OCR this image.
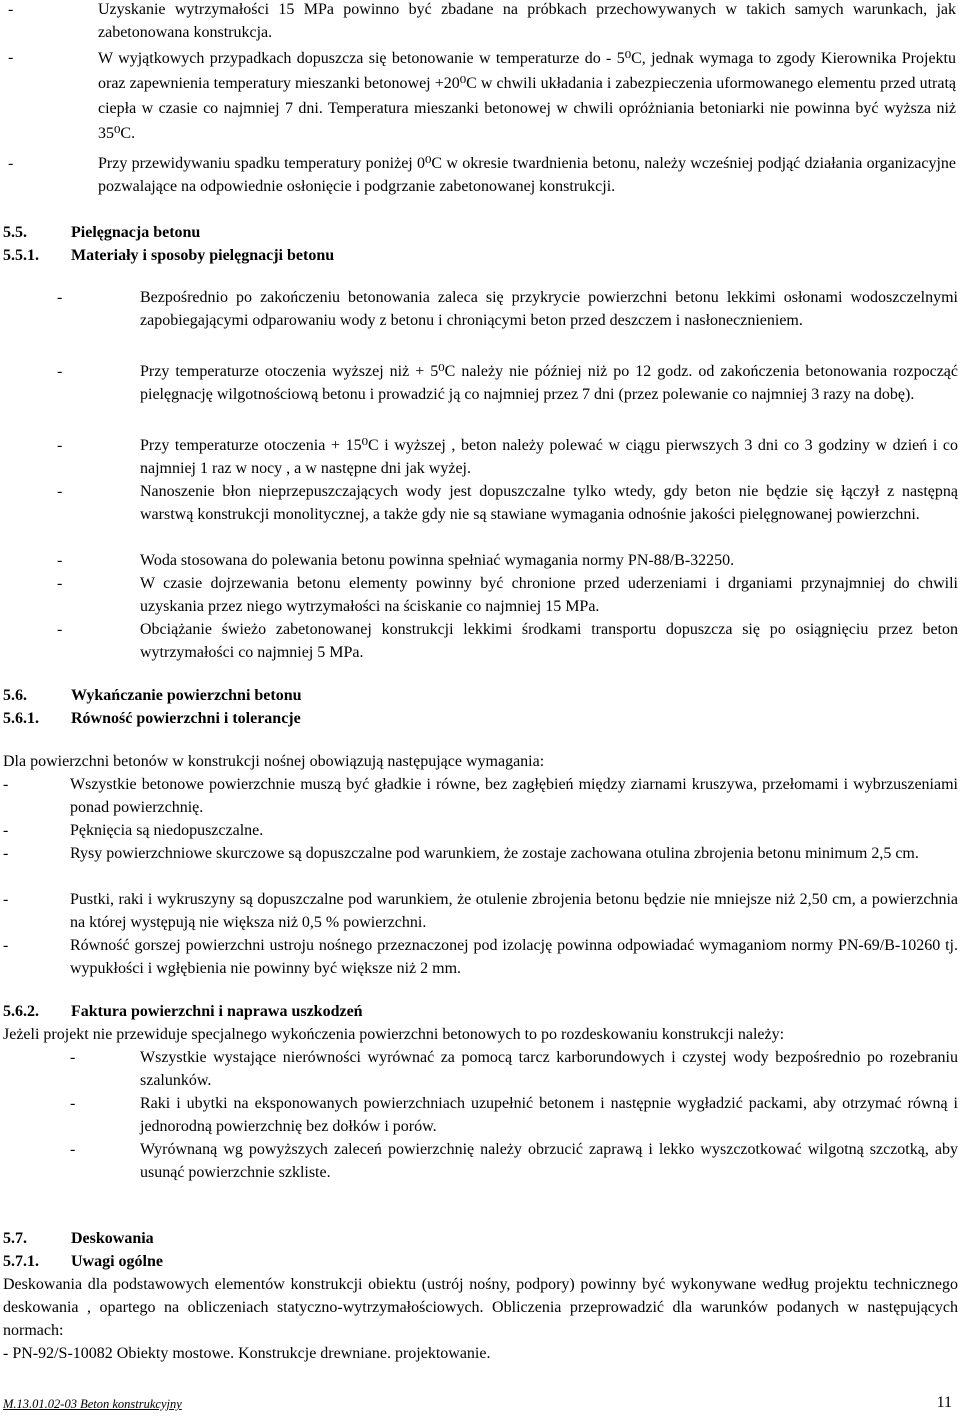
-	Uzyskanie wytrzymałości 15 MPa powinno być zbadane na próbkach przechowywanych w takich samych warunkach, jak zabetonowana konstrukcja.
-	W wyjątkowych przypadkach dopuszcza się betonowanie w temperaturze do - 5⁰C, jednak wymaga to zgody Kierownika Projektu oraz zapewnienia temperatury mieszanki betonowej +20⁰C w chwili układania i zabezpieczenia uformowanego elementu przed utratą ciepła w czasie co najmniej 7 dni. Temperatura mieszanki betonowej w chwili opróżniania betoniarki nie powinna być wyższa niż 35⁰C.
-	Przy przewidywaniu spadku temperatury poniżej 0⁰C w okresie twardnienia betonu, należy wcześniej podjąć działania organizacyjne pozwalające na odpowiednie osłonięcie i podgrzanie zabetonowanej konstrukcji.
5.5.	Pielęgnacja betonu
5.5.1. Materiały i sposoby pielęgnacji betonu
-	Bezpośrednio po zakończeniu betonowania zaleca się przykrycie powierzchni betonu lekkimi osłonami wodoszczelnymi zapobiegającymi odparowaniu wody z betonu i chroniącymi beton przed deszczem i nasłonecznieniem.
-	Przy temperaturze otoczenia wyższej niż + 5⁰C należy nie później niż po 12 godz. od zakończenia betonowania rozpocząć pielęgnację wilgotnościową betonu i prowadzić ją co najmniej przez 7 dni (przez polewanie co najmniej 3 razy na dobę).
-	Przy temperaturze otoczenia + 15⁰C i wyższej , beton należy polewać w ciągu pierwszych 3 dni co 3 godziny w dzień i co najmniej 1 raz w nocy , a w następne dni jak wyżej.
-	Nanoszenie błon nieprzepuszczających wody jest dopuszczalne tylko wtedy, gdy beton nie będzie się łączył z następną warstwą konstrukcji monolitycznej, a także gdy nie są stawiane wymagania odnośnie jakości pielęgnowanej powierzchni.
-	Woda stosowana do polewania betonu powinna spełniać wymagania normy PN-88/B-32250.
-	W czasie dojrzewania betonu elementy powinny być chronione przed uderzeniami i drganiami przynajmniej do chwili uzyskania przez niego wytrzymałości na ściskanie co najmniej 15 MPa.
-	Obciążanie świeżo zabetonowanej konstrukcji lekkimi środkami transportu dopuszcza się po osiągnięciu przez beton wytrzymałości co najmniej 5 MPa.
5.6.	Wykańczanie powierzchni betonu
5.6.1. Równość powierzchni i tolerancje
Dla powierzchni betonów w konstrukcji nośnej obowiązują następujące wymagania:
-	Wszystkie betonowe powierzchnie muszą być gładkie i równe, bez zagłębień między ziarnami kruszywa, przełomami i wybrzuszeniami ponad powierzchnię.
-	Pęknięcia są niedopuszczalne.
-	Rysy powierzchniowe skurczowe są dopuszczalne pod warunkiem, że zostaje zachowana otulina zbrojenia betonu minimum 2,5 cm.
-	Pustki, raki i wykruszyny są dopuszczalne pod warunkiem, że otulenie zbrojenia betonu będzie nie mniejsze niż 2,50 cm, a powierzchnia na której występują nie większa niż 0,5 % powierzchni.
-	Równość gorszej powierzchni ustroju nośnego przeznaczonej pod izolację powinna odpowiadać wymaganiom normy PN-69/B-10260 tj. wypukłości i wgłębienia nie powinny być większe niż 2 mm.
5.6.2. Faktura powierzchni i naprawa uszkodzeń
Jeżeli projekt nie przewiduje specjalnego wykończenia powierzchni betonowych to po rozdeskowaniu konstrukcji należy:
-	Wszystkie wystające nierówności wyrównać za pomocą tarcz karborundowych i czystej wody bezpośrednio po rozebraniu szalunków.
-	Raki i ubytki na eksponowanych powierzchniach uzupełnić betonem i następnie wygładzić packami, aby otrzymać równą i jednorodną powierzchnię bez dołków i porów.
-	Wyrównaną wg powyższych zaleceń powierzchnię należy obrzucić zaprawą i lekko wyszczotkować wilgotną szczotką, aby usunąć powierzchnie szkliste.
5.7.	Deskowania
5.7.1. Uwagi ogólne
Deskowania dla podstawowych elementów konstrukcji obiektu (ustrój nośny, podpory) powinny być wykonywane według projektu technicznego deskowania , opartego na obliczeniach statyczno-wytrzymałościowych. Obliczenia przeprowadzić dla warunków podanych w następujących normach:
- PN-92/S-10082 Obiekty mostowe. Konstrukcje drewniane. projektowanie.
M.13.01.02-03 Beton konstrukcyjny	11
